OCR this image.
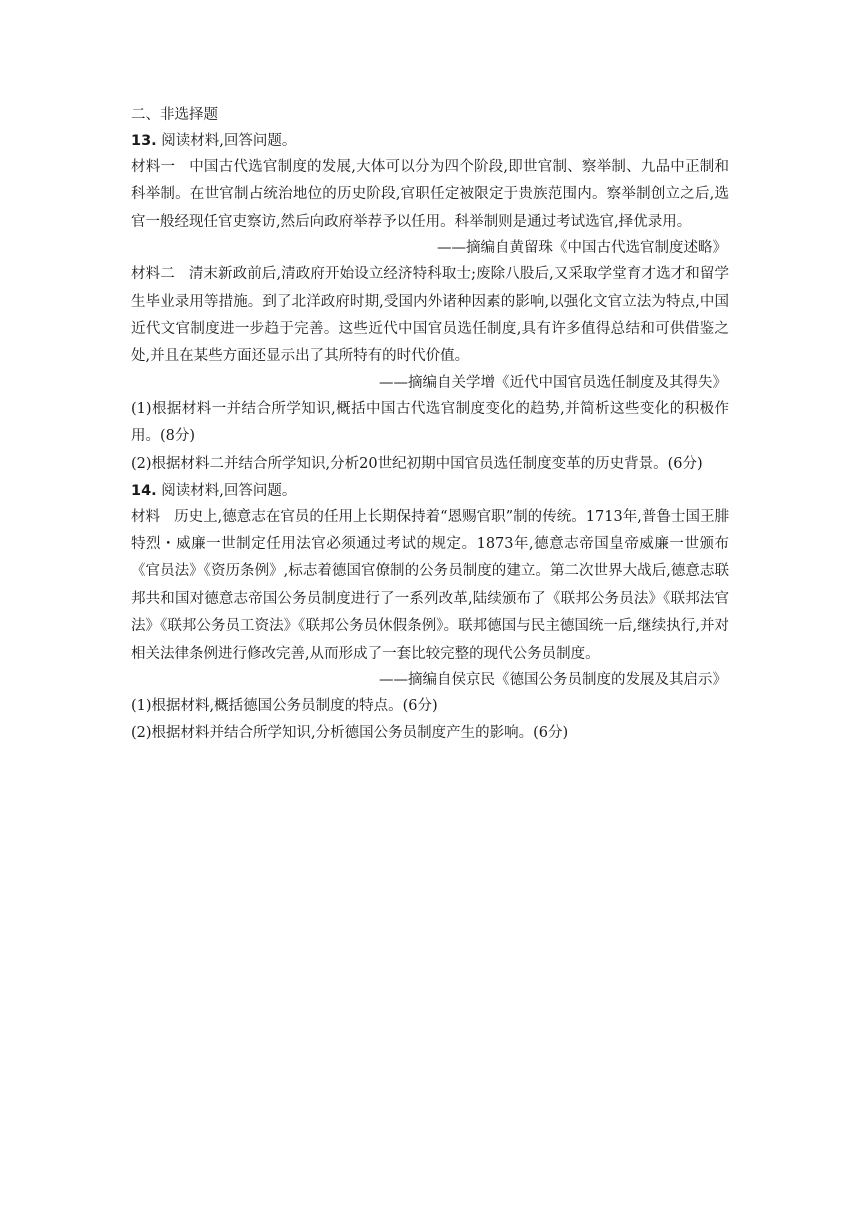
二、非选择题
13. 阅读材料,回答问题。

材料一 中国古代选官制度的发展,大体可以分为四个阶段,即世官制、察举制、九品中正制和科举制。在世官制占统治地位的历史阶段,官职任定被限定于贵族范围内。察举制创立之后,选官一般经现任官吏察访,然后向政府举荐予以任用。科举制则是通过考试选官,择优录用。

——摘编自黄留珠《中国古代选官制度述略》

材料二 清末新政前后,清政府开始设立经济特科取士;废除八股后,又采取学堂育才选才和留学生毕业录用等措施。到了北洋政府时期,受国内外诸种因素的影响,以强化文官立法为特点,中国近代文官制度进一步趋于完善。这些近代中国官员选任制度,具有许多值得总结和可供借鉴之处,并且在某些方面还显示出了其所特有的时代价值。

——摘编自关学增《近代中国官员选任制度及其得失》

(1)根据材料一并结合所学知识,概括中国古代选官制度变化的趋势,并简析这些变化的积极作用。(8分)

(2)根据材料二并结合所学知识,分析20世纪初期中国官员选任制度变革的历史背景。(6分)
14. 阅读材料,回答问题。

材料 历史上,德意志在官员的任用上长期保持着“恩赐官职”制的传统。1713年,普鲁士国王腓特烈・威廉一世制定任用法官必须通过考试的规定。1873年,德意志帝国皇帝威廉一世颁布《官员法》《资历条例》,标志着德国官僚制的公务员制度的建立。第二次世界大战后,德意志联邦共和国对德意志帝国公务员制度进行了一系列改革,陆续颁布了《联邦公务员法》《联邦法官法》《联邦公务员工资法》《联邦公务员休假条例》。联邦德国与民主德国统一后,继续执行,并对相关法律条例进行修改完善,从而形成了一套比较完整的现代公务员制度。

——摘编自侯京民《德国公务员制度的发展及其启示》
(1)根据材料,概括德国公务员制度的特点。(6分)
(2)根据材料并结合所学知识,分析德国公务员制度产生的影响。(6分)
